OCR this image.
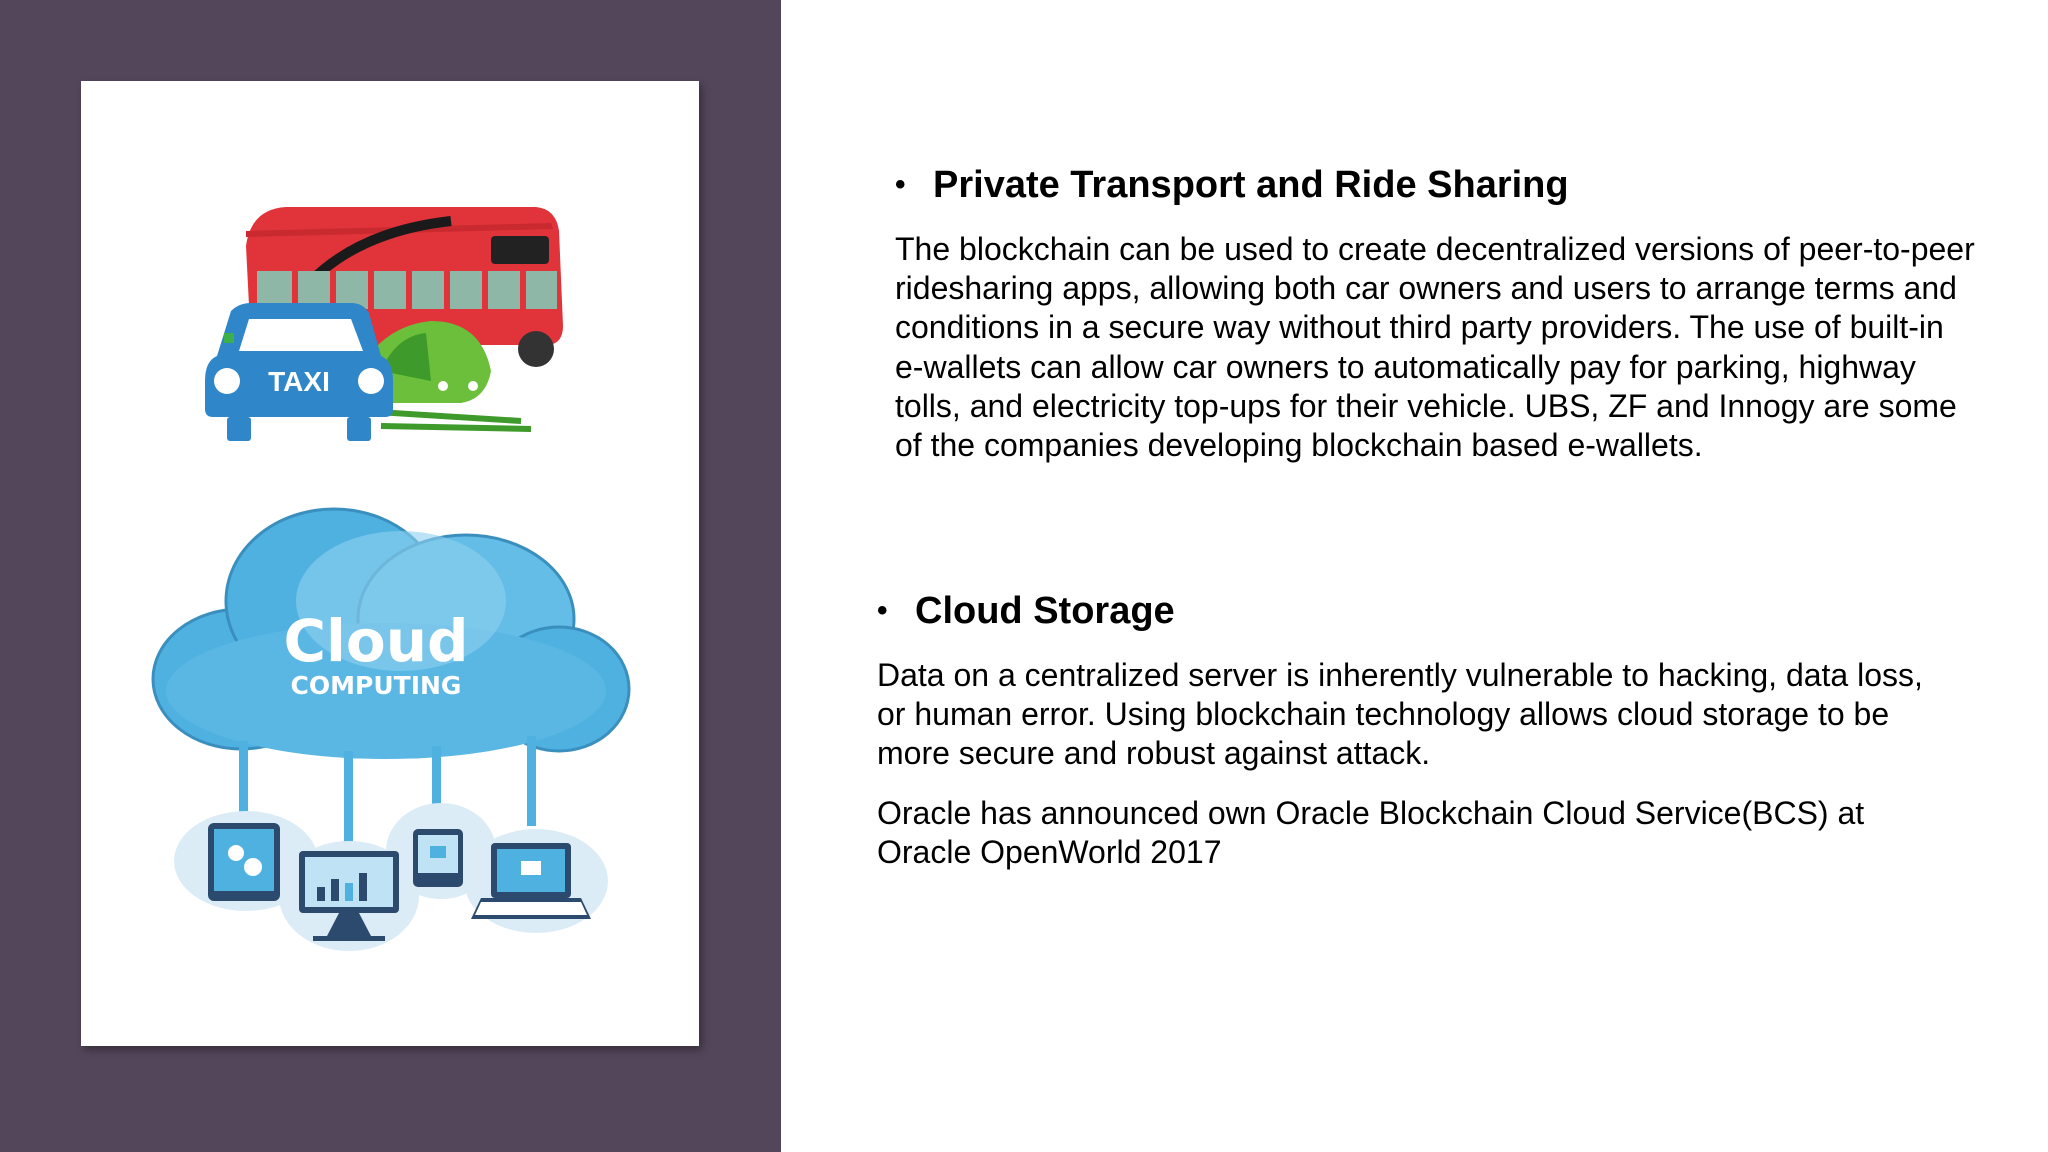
TAXI
Cloud
COMPUTING
• Private Transport and Ride Sharing

The blockchain can be used to create decentralized versions of peer-to-peer ridesharing apps, allowing both car owners and users to arrange terms and conditions in a secure way without third party providers. The use of built-in e-wallets can allow car owners to automatically pay for parking, highway tolls, and electricity top-ups for their vehicle. UBS, ZF and Innogy are some of the companies developing blockchain based e-wallets.

• Cloud Storage

Data on a centralized server is inherently vulnerable to hacking, data loss, or human error. Using blockchain technology allows cloud storage to be more secure and robust against attack.

Oracle has announced own Oracle Blockchain Cloud Service(BCS) at Oracle OpenWorld 2017
